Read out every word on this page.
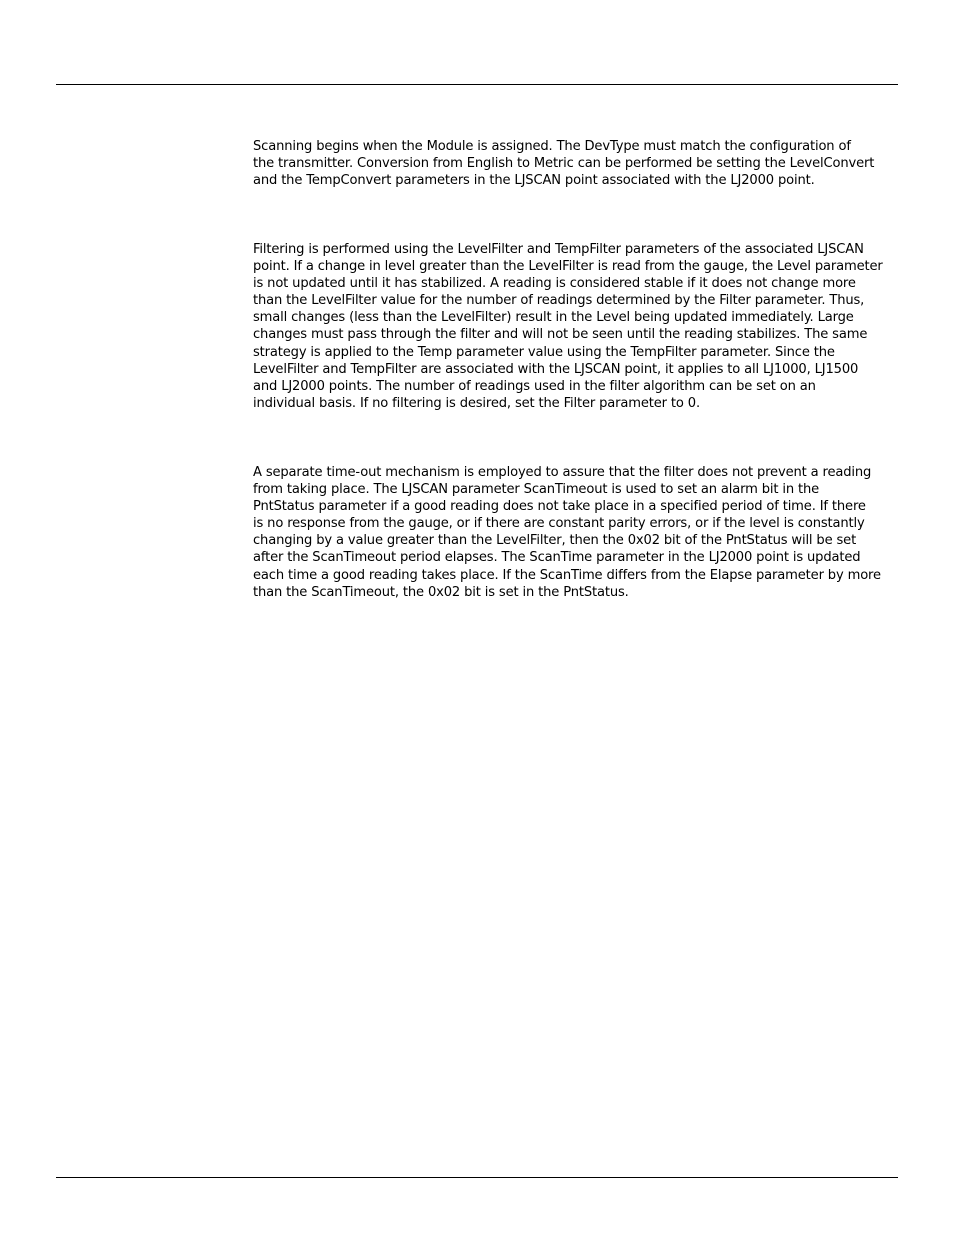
Scanning begins when the Module is assigned. The DevType must match the configuration of
the transmitter. Conversion from English to Metric can be performed be setting the LevelConvert
and the TempConvert parameters in the LJSCAN point associated with the LJ2000 point.
Filtering is performed using the LevelFilter and TempFilter parameters of the associated LJSCAN
point. If a change in level greater than the LevelFilter is read from the gauge, the Level parameter
is not updated until it has stabilized. A reading is considered stable if it does not change more
than the LevelFilter value for the number of readings determined by the Filter parameter. Thus,
small changes (less than the LevelFilter) result in the Level being updated immediately. Large
changes must pass through the filter and will not be seen until the reading stabilizes. The same
strategy is applied to the Temp parameter value using the TempFilter parameter. Since the
LevelFilter and TempFilter are associated with the LJSCAN point, it applies to all LJ1000, LJ1500
and LJ2000 points. The number of readings used in the filter algorithm can be set on an
individual basis. If no filtering is desired, set the Filter parameter to 0.
A separate time-out mechanism is employed to assure that the filter does not prevent a reading
from taking place. The LJSCAN parameter ScanTimeout is used to set an alarm bit in the
PntStatus parameter if a good reading does not take place in a specified period of time. If there
is no response from the gauge, or if there are constant parity errors, or if the level is constantly
changing by a value greater than the LevelFilter, then the 0x02 bit of the PntStatus will be set
after the ScanTimeout period elapses. The ScanTime parameter in the LJ2000 point is updated
each time a good reading takes place. If the ScanTime differs from the Elapse parameter by more
than the ScanTimeout, the 0x02 bit is set in the PntStatus.
